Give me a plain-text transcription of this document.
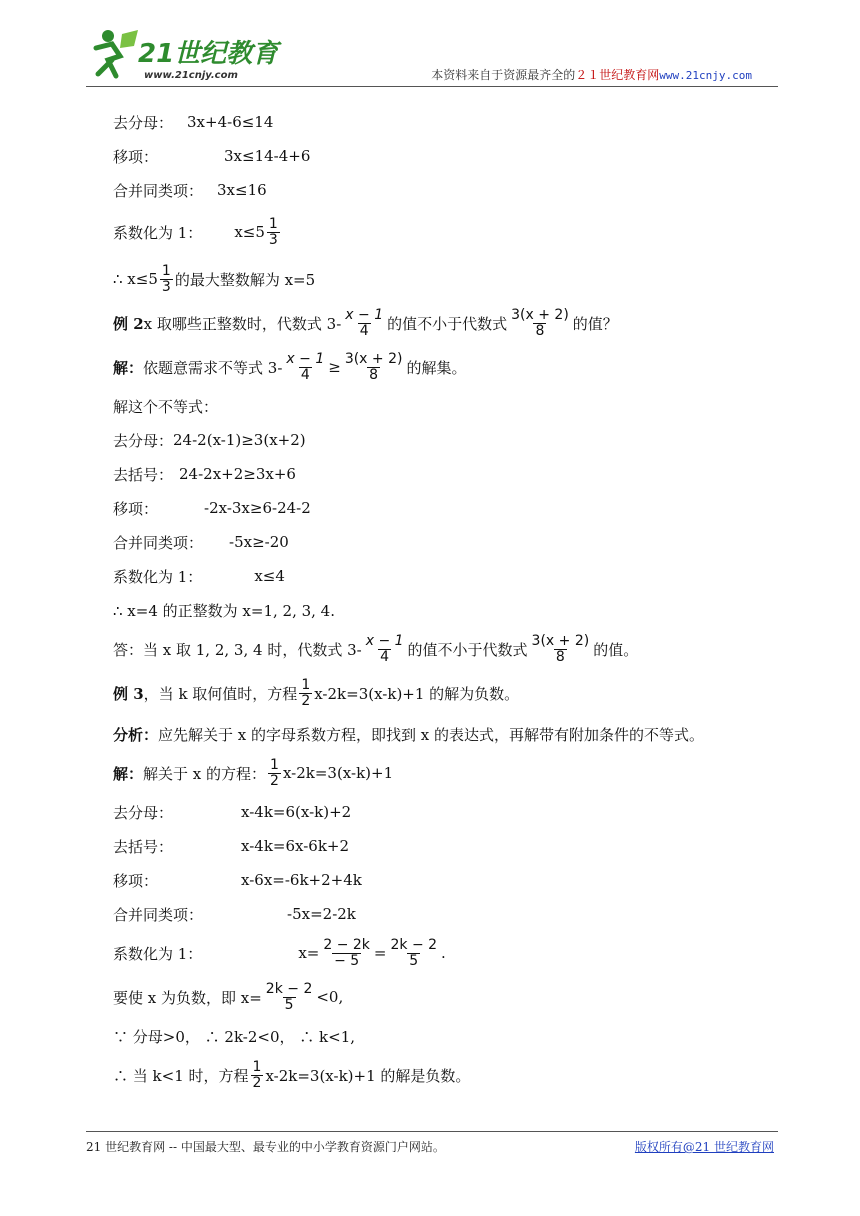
21世纪教育
www.21cnjy.com	本资料来自于资源最齐全的２１世纪教育网www.21cnjy.com
去分母： 3x+4-6≤14
移项：	3x≤14-4+6
合并同类项： 3x≤16
系数化为 1： $x\le 5 \frac{1}{3}$
∴ $x\le 5 \frac{1}{3}$ 的最大整数解为 x=5
例 2 x 取哪些正整数时，代数式 $3- \frac{x - 1}{4}$ 的值不小于代数式 $\frac{3(x + 2)}{8}$ 的值？
解： 依题意需求不等式 $3- \frac{x - 1}{4} \ge \frac{3(x + 2)}{8}$ 的解集。
解这个不等式：
去分母： 24-2(x-1)≥3(x+2)
去括号： 24-2x+2≥3x+6
移项：	-2x-3x≥6-24-2
合并同类项： -5x≥-20
系数化为 1：	x≤4
∴ x=4 的正整数为 x=1, 2, 3, 4.
答：当 x 取 1, 2, 3, 4 时，代数式 $3- \frac{x - 1}{4}$ 的值不小于代数式 $\frac{3(x + 2)}{8}$ 的值。
例 3 ，当 k 取何值时，方程 $\frac{1}{2} x-2k=3(x-k)+1$ 的解为负数。
分析： 应先解关于 x 的字母系数方程，即找到 x 的表达式，再解带有附加条件的不等式。
解： 解关于 x 的方程： $\frac{1}{2} x-2k=3(x-k)+1$
去分母：	x-4k=6(x-k)+2
去括号：	x-4k=6x-6k+2
移项：	x-6x=-6k+2+4k
合并同类项：	-5x=2-2k
系数化为 1：	$x= \frac{2 - 2k}{- 5} = \frac{2k - 2}{5}$ .
要使 x 为负数，即 $x= \frac{2k - 2}{5} <0$,
∵ 分母>0， ∴ 2k-2<0， ∴ k<1,
∴ 当 k<1 时，方程 $\frac{1}{2} x-2k=3(x-k)+1$ 的解是负数。
21 世纪教育网 -- 中国最大型、最专业的中小学教育资源门户网站。	版权所有@21 世纪教育网
